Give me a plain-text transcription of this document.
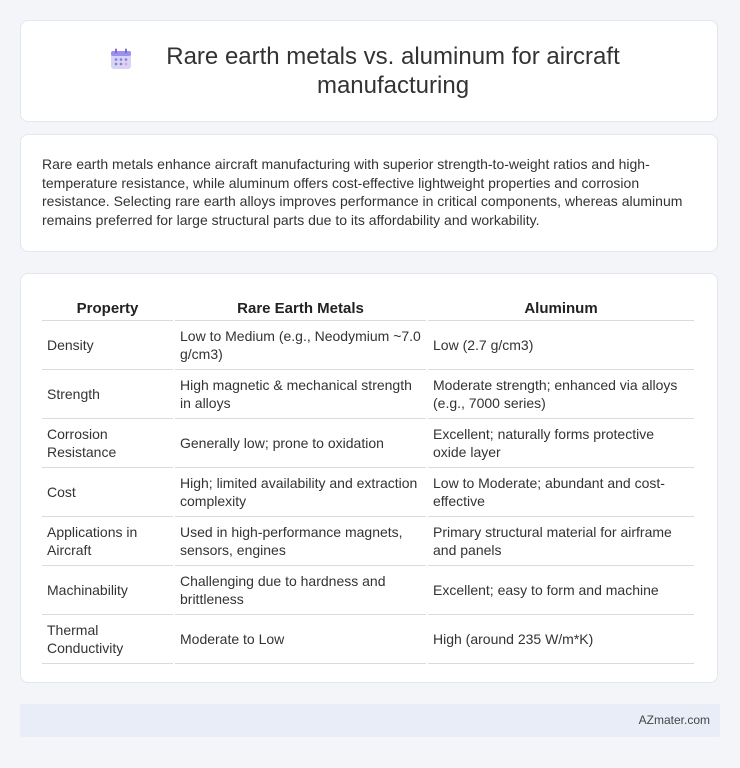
Rare earth metals vs. aluminum for aircraft manufacturing

Rare earth metals enhance aircraft manufacturing with superior strength-to-weight ratios and high-temperature resistance, while aluminum offers cost-effective lightweight properties and corrosion resistance. Selecting rare earth alloys improves performance in critical components, whereas aluminum remains preferred for large structural parts due to its affordability and workability.

Property	Rare Earth Metals	Aluminum
Density	Low to Medium (e.g., Neodymium ~7.0 g/cm3)	Low (2.7 g/cm3)
Strength	High magnetic & mechanical strength in alloys	Moderate strength; enhanced via alloys (e.g., 7000 series)
Corrosion Resistance	Generally low; prone to oxidation	Excellent; naturally forms protective oxide layer
Cost	High; limited availability and extraction complexity	Low to Moderate; abundant and cost-effective
Applications in Aircraft	Used in high-performance magnets, sensors, engines	Primary structural material for airframe and panels
Machinability	Challenging due to hardness and brittleness	Excellent; easy to form and machine
Thermal Conductivity	Moderate to Low	High (around 235 W/m*K)
AZmater.com
